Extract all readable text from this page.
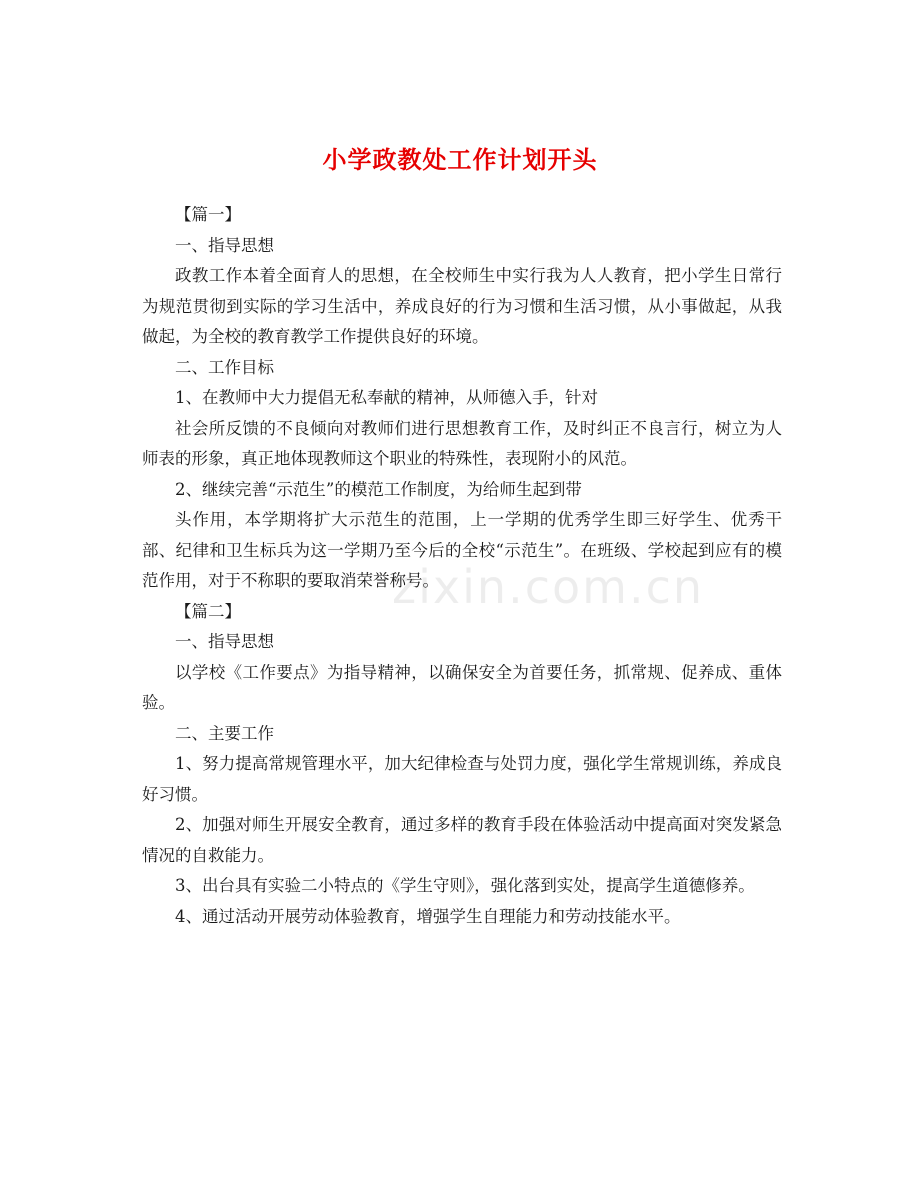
小学政教处工作计划开头

【篇一】

一、指导思想

政教工作本着全面育人的思想，在全校师生中实行我为人人教育，把小学生日常行为规范贯彻到实际的学习生活中，养成良好的行为习惯和生活习惯，从小事做起，从我做起，为全校的教育教学工作提供良好的环境。

二、工作目标

1、在教师中大力提倡无私奉献的精神，从师德入手，针对

社会所反馈的不良倾向对教师们进行思想教育工作，及时纠正不良言行，树立为人师表的形象，真正地体现教师这个职业的特殊性，表现附小的风范。

2、继续完善“示范生”的模范工作制度，为给师生起到带

头作用，本学期将扩大示范生的范围，上一学期的优秀学生即三好学生、优秀干部、纪律和卫生标兵为这一学期乃至今后的全校“示范生”。在班级、学校起到应有的模范作用，对于不称职的要取消荣誉称号。

【篇二】

一、指导思想

以学校《工作要点》为指导精神，以确保安全为首要任务，抓常规、促养成、重体验。

二、主要工作

1、努力提高常规管理水平，加大纪律检查与处罚力度，强化学生常规训练，养成良好习惯。

2、加强对师生开展安全教育，通过多样的教育手段在体验活动中提高面对突发紧急情况的自救能力。

3、出台具有实验二小特点的《学生守则》，强化落到实处，提高学生道德修养。

4、通过活动开展劳动体验教育，增强学生自理能力和劳动技能水平。

zixin.com.cn
